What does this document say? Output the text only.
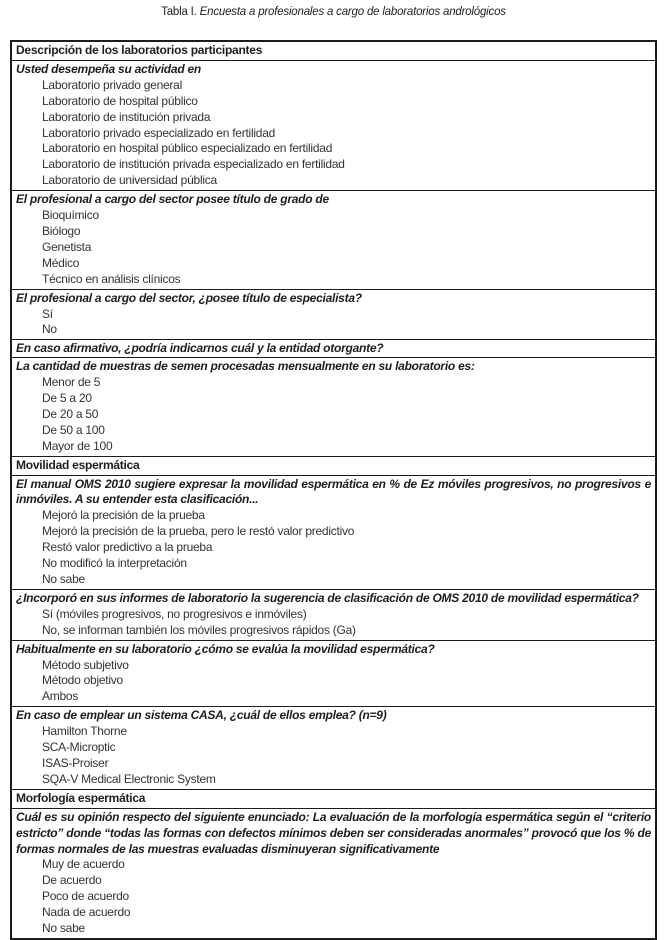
Tabla I. Encuesta a profesionales a cargo de laboratorios andrológicos
Descripción de los laboratorios participantes
Usted desempeña su actividad en
Laboratorio privado general
Laboratorio de hospital público
Laboratorio de institución privada
Laboratorio privado especializado en fertilidad
Laboratorio en hospital público especializado en fertilidad
Laboratorio de institución privada especializado en fertilidad
Laboratorio de universidad pública
El profesional a cargo del sector posee título de grado de
Bioquímico
Biólogo
Genetista
Médico
Técnico en análisis clínicos
El profesional a cargo del sector, ¿posee título de especialista?
Sí
No
En caso afirmativo, ¿podría indicarnos cuál y la entidad otorgante?
La cantidad de muestras de semen procesadas mensualmente en su laboratorio es:
Menor de 5
De 5 a 20
De 20 a 50
De 50 a 100
Mayor de 100
Movilidad espermática
El manual OMS 2010 sugiere expresar la movilidad espermática en % de Ez móviles progresivos, no progresivos e inmóviles. A su entender esta clasificación...
Mejoró la precisión de la prueba
Mejoró la precisión de la prueba, pero le restó valor predictivo
Restó valor predictivo a la prueba
No modificó la interpretación
No sabe
¿Incorporó en sus informes de laboratorio la sugerencia de clasificación de OMS 2010 de movilidad espermática?
Sí (móviles progresivos, no progresivos e inmóviles)
No, se informan también los móviles progresivos rápidos (Ga)
Habitualmente en su laboratorio ¿cómo se evalúa la movilidad espermática?
Método subjetivo
Método objetivo
Ambos
En caso de emplear un sistema CASA, ¿cuál de ellos emplea? (n=9)
Hamilton Thorne
SCA-Microptic
ISAS-Proiser
SQA-V Medical Electronic System
Morfología espermática
Cuál es su opinión respecto del siguiente enunciado: La evaluación de la morfología espermática según el “criterio estricto” donde “todas las formas con defectos mínimos deben ser consideradas anormales” provocó que los % de formas normales de las muestras evaluadas disminuyeran significativamente
Muy de acuerdo
De acuerdo
Poco de acuerdo
Nada de acuerdo
No sabe
